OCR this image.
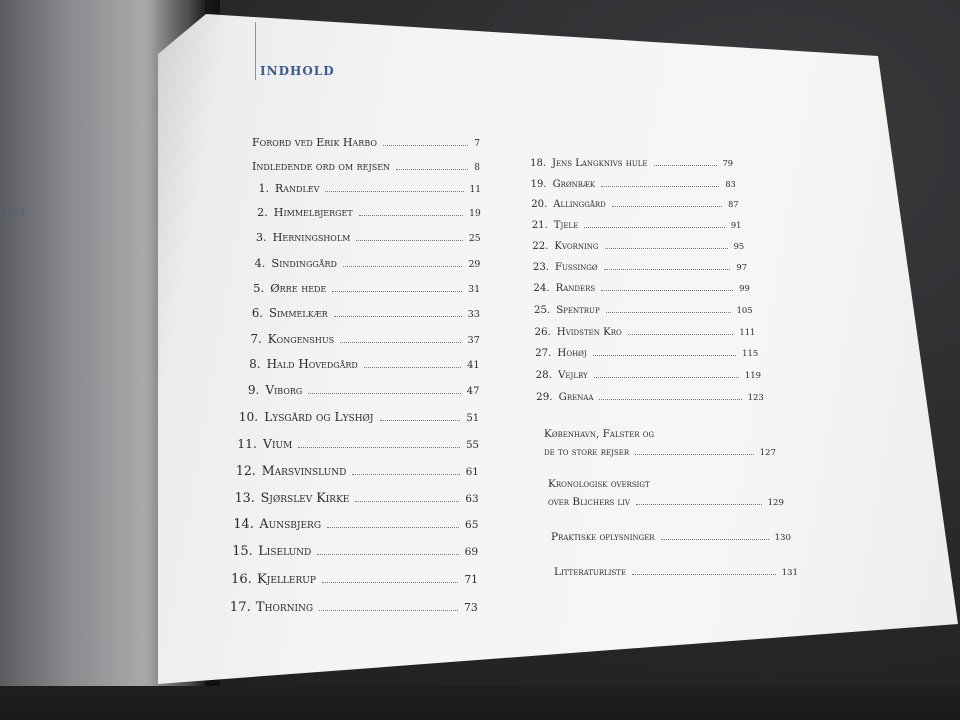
1933
INDHOLD
Forord ved Erik Harbo	7
Indledende ord om rejsen	8
1. Randlev	11
2. Himmelbjerget	19
3. Herningsholm	25
4. Sindinggård	29
5. Ørre hede	31
6. Simmelkær	33
7. Kongenshus	37
8. Hald Hovedgård	41
9. Viborg	47
10. Lysgård og Lyshøj	51
11. Vium	55
12. Marsvinslund	61
13. Sjørslev Kirke	63
14. Aunsbjerg	65
15. Liselund	69
16. Kjellerup	71
17. Thorning	73
18. Jens Langknivs hule	79
19. Grønbæk	83
20. Allinggård	87
21. Tjele	91
22. Kvorning	95
23. Fussingø	97
24. Randers	99
25. Spentrup	105
26. Hvidsten Kro	111
27. Hohøj	115
28. Vejlby	119
29. Grenaa	123
København, Falster og
de to store rejser	127
Kronologisk oversigt
over Blichers liv	129
Praktiske oplysninger	130
Litteraturliste	131
